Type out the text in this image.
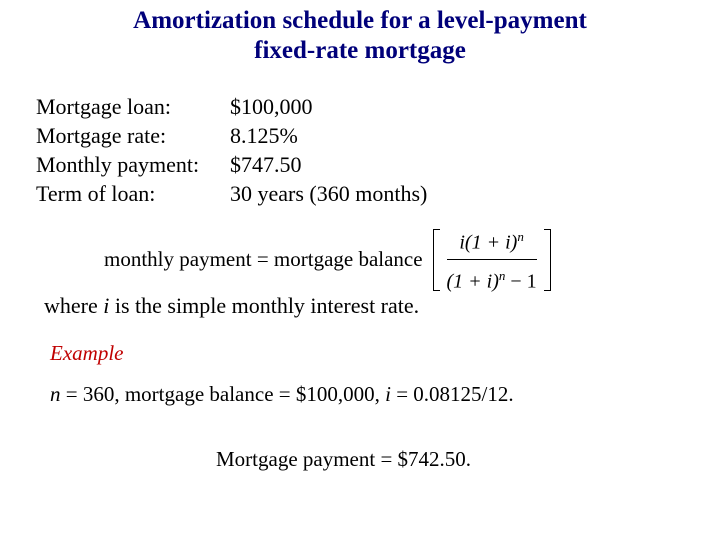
Amortization schedule for a level-payment
fixed-rate mortgage
Mortgage loan:	$100,000
Mortgage rate:	8.125%
Monthly payment:	$747.50
Term of loan:	30 years (360 months)
monthly payment = mortgage balance $\frac{i(1 + i)^n}{(1 + i)^n - 1}$
where i is the simple monthly interest rate.
Example
n = 360, mortgage balance = $100,000, i = 0.08125/12.
Mortgage payment = $742.50.
